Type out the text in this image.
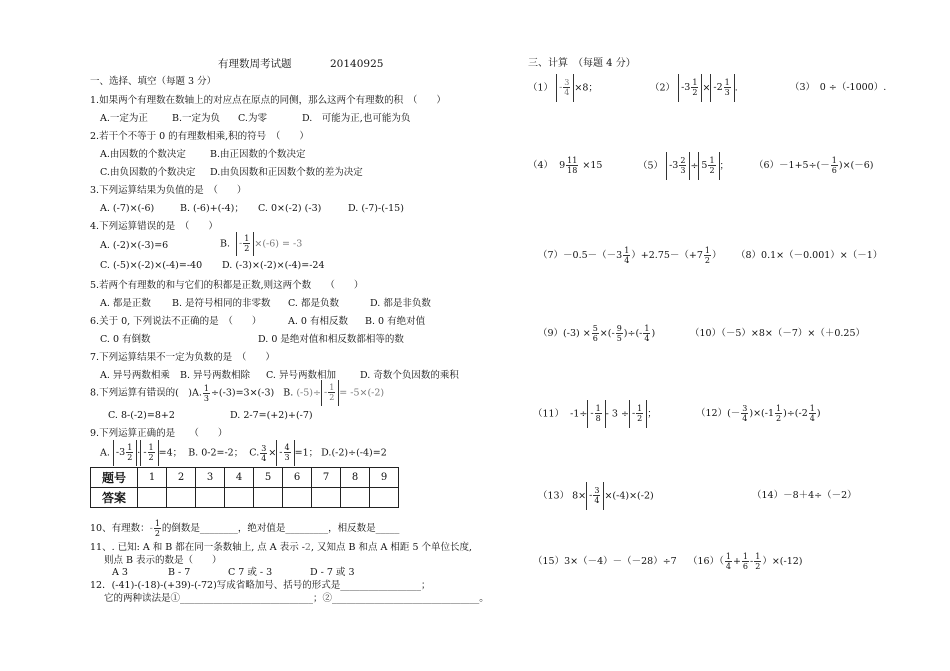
有理数周考试题	20140925
一、选择、填空（每题 3 分）
1.如果两个有理数在数轴上的对应点在原点的同侧，那么这两个有理数的积　（　　）
A.一定为正	B.一定为负 C.为零	D.　可能为正,也可能为负
2.若干个不等于 0 的有理数相乘,积的符号　（　　）
A.由因数的个数决定	B.由正因数的个数决定
C.由负因数的个数决定 D.由负因数和正因数个数的差为决定
3.下列运算结果为负值的是　（　　）
A. (-7)×(-6)	B. (-6)+(-4)； C. 0×(-2) (-3)	D. (-7)-(-15)
4.下列运算错误的是　（　　）
A. (-2)×(-3)=6	B.  - $\frac{1}{2} \times(-6) = -3$
C. (-5)×(-2)×(-4)=-40 D. (-3)×(-2)×(-4)=-24
5.若两个有理数的和与它们的积都是正数,则这两个数　　（　　）
A. 都是正数 B. 是符号相同的非零数 C. 都是负数	D. 都是非负数
6.关于 0, 下列说法不正确的是　（　　）	A. 0 有相反数 B. 0 有绝对值
C. 0 有倒数	D. 0 是绝对值和相反数都相等的数
7.下列运算结果不一定为负数的是　（　　）
A. 异号两数相乘 B. 异号两数相除 C. 异号两数相加	D. 奇数个负因数的乘积
8.下列运算有错误的(　)A. $\frac{1}{3} \div(-3)=3\times(-3)$ B. $(-5)\div - \frac{1}{2} = -5\times(-2)$
C. 8-(-2)=8+2	D. 2-7=(+2)+(-7)
9.下列运算正确的是　　（　　）
A. $-3 \frac{1}{2}$ · - $\frac{1}{2} =4$； B. 0-2=-2； C. $\frac{3}{4}$ × - $\frac{4}{3} =1$； D.(-2)÷(-4)=2
题号	1	2	3	4	5	6	7	8	9
答案									
10、有理数：- $\frac{1}{2}$ 的倒数是________，绝对值是_________，相反数是_____
11、. 已知: A 和 B 都在同一条数轴上, 点 A 表示 -2, 又知点 B 和点 A 相距 5 个单位长度,
则点 B 表示的数是（　　）
A 3	B - 7	C 7 或 - 3	D - 7 或 3
12．(-41)-(-18)-(+39)-(-72)写成省略加号、括号的形式是_________________；
它的两种读法是①____________________________；②_______________________________。
三、计算　（每题 4 分）
$(1) - \frac{3}{4} \times 8$；	（2） $-3 \frac{1}{2} \times -2 \frac{1}{3}$ .	（3）　0 ÷（-1000）.
（4）  $9 \frac{11}{18} \times 15$	（5） $-3 \frac{2}{3} \div 5 \frac{1}{2}$ ；	$(6)-1+5\div(- \frac{1}{6} )\times(-6)$
$(7)-0.5-(-3 \frac{1}{4} )+2.75-(+7 \frac{1}{2}$ ） （8）0.1×（－0.001）×（－1）
$(9)(-3) \times \frac{5}{6}$ ×(- $\frac{9}{5}$ )÷(- $\frac{1}{4}$ )	（10）（－5）×8×（－7）×（＋0.25）
（11）  $-1\div - \frac{1}{8} - 3$ ÷ - $\frac{1}{2}$ ；	$(12)(- \frac{3}{4} )\times(-1 \frac{1}{2} )\div(-2 \frac{1}{4}$ )
（13） $8\times - \frac{3}{4} \times(-4)\times(-2)$	（14）－8＋4÷（－2）
（15）3×（－4）－（－28）÷7 $(16)( \frac{1}{4} + \frac{1}{6} - \frac{1}{2} )\times(-12)$
